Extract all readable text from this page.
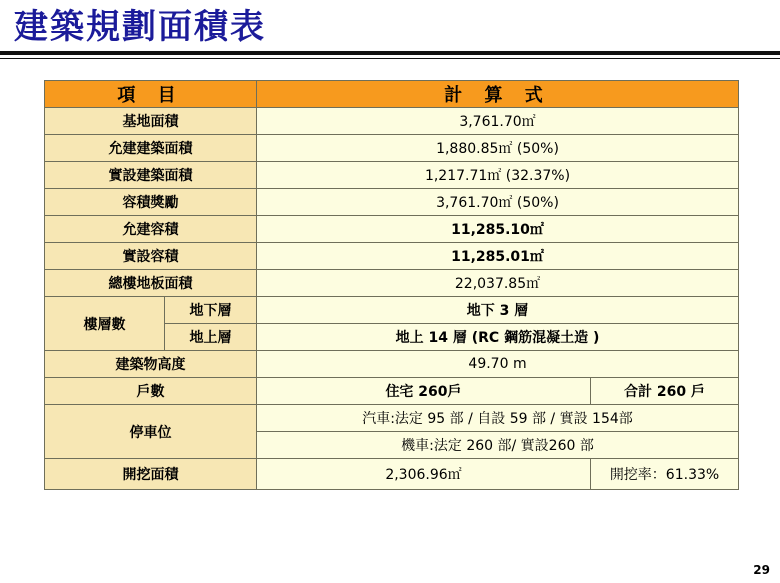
建築規劃面積表
項 目		計 算 式	
基地面積		3,761.70㎡	
允建建築面積		1,880.85㎡ (50%)	
實設建築面積		1,217.71㎡ (32.37%)	
容積獎勵		3,761.70㎡ (50%)	
允建容積		11,285.10㎡	
實設容積		11,285.01㎡	
總樓地板面積		22,037.85㎡	
樓層數	地下層	地下 3 層	
	地上層	地上 14 層 (RC 鋼筋混凝土造 )	
建築物高度		49.70 m	
戶數		住宅 260戶	合計 260 戶
停車位		汽車:法定 95 部 / 自設 59 部 / 實設 154部	
		機車:法定 260 部/ 實設260 部	
開挖面積		2,306.96㎡	開挖率：61.33%
29
